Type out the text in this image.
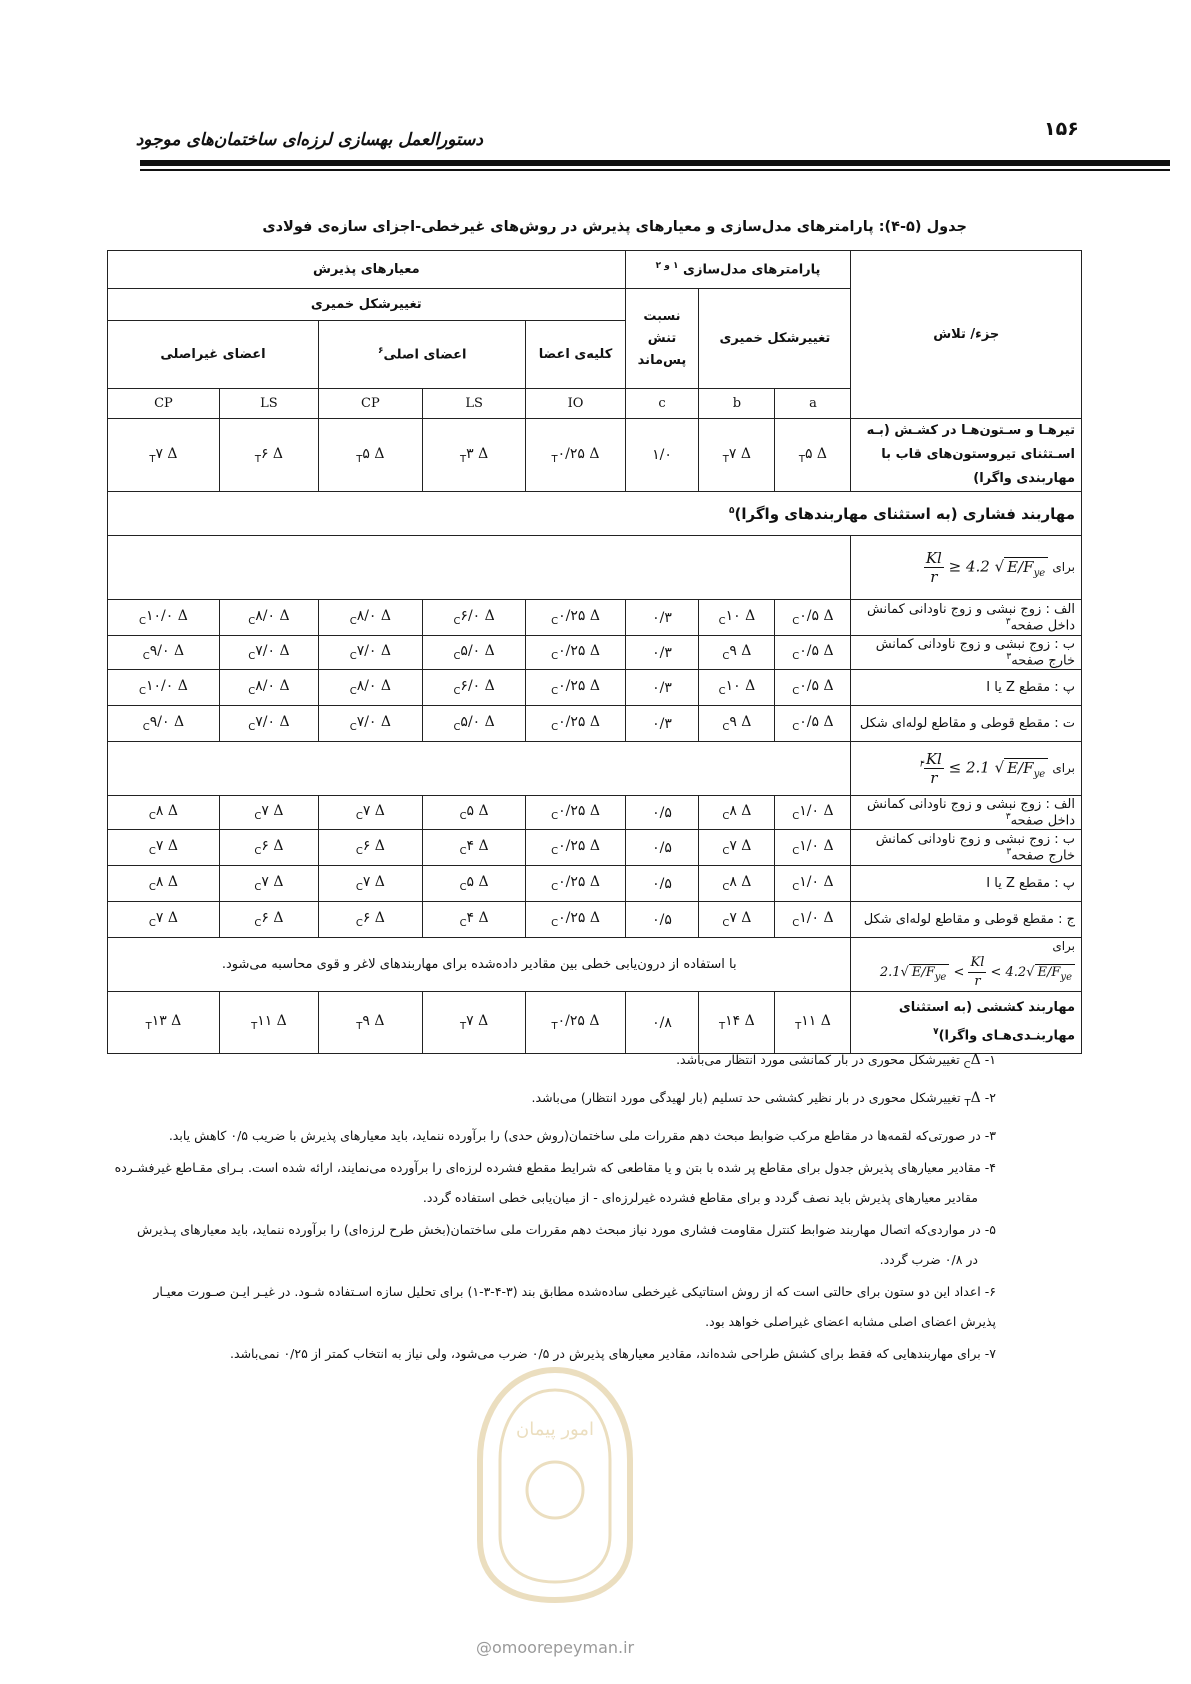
۱۵۶
دستورالعمل بهسازی لرزه‌ای ساختمان‌های موجود
جدول (۵-۴): پارامترهای مدل‌سازی و معیارهای پذیرش در روش‌های غیرخطی-اجزای سازه‌ی فولادی
جزء/ تلاش	پارامترهای مدل‌سازی $^{۱ و ۲}$			معیارهای پذیرش				
	تغییرشکل خمیری		نسبت تنش پس‌ماند	تغییرشکل خمیری				
				کلیه‌ی اعضا	اعضای اصلی$^۶$		اعضای غیراصلی	
	a	b	c	IO	LS	CP	LS	CP
تیرهـا و سـتون‌هـا در کشـش (بـه اسـتثنای تیروستون‌های قاب با مهاربندی واگرا)	۵ $\Delta_T$	۷ $\Delta_T$	۱/۰	۰/۲۵ $\Delta_T$	۳ $\Delta_T$	۵ $\Delta_T$	۶ $\Delta_T$	۷ $\Delta_T$
مهاربند فشاری (به استثنای مهاربندهای واگرا)$^۵$
برای
$\frac{Kl}{r} \ge 4.2$ √ $E/F_{ye}$	
الف : زوج نبشی و زوج ناودانی کمانش داخل صفحه$^۳$	۰/۵ $\Delta_C$	۱۰ $\Delta_C$	۰/۳	۰/۲۵ $\Delta_C$	۶/۰ $\Delta_C$	۸/۰ $\Delta_C$	۸/۰ $\Delta_C$	۱۰/۰ $\Delta_C$
ب : زوج نبشی و زوج ناودانی کمانش خارج صفحه$^۳$	۰/۵ $\Delta_C$	۹ $\Delta_C$	۰/۳	۰/۲۵ $\Delta_C$	۵/۰ $\Delta_C$	۷/۰ $\Delta_C$	۷/۰ $\Delta_C$	۹/۰ $\Delta_C$
پ : مقطع Z یا I	۰/۵ $\Delta_C$	۱۰ $\Delta_C$	۰/۳	۰/۲۵ $\Delta_C$	۶/۰ $\Delta_C$	۸/۰ $\Delta_C$	۸/۰ $\Delta_C$	۱۰/۰ $\Delta_C$
ت : مقطع قوطی و مقاطع لوله‌ای شکل	۰/۵ $\Delta_C$	۹ $\Delta_C$	۰/۳	۰/۲۵ $\Delta_C$	۵/۰ $\Delta_C$	۷/۰ $\Delta_C$	۷/۰ $\Delta_C$	۹/۰ $\Delta_C$
برای $^۴ \frac{Kl}{r} \le 2.1$ √ $E/F_{ye}$	
الف : زوج نبشی و زوج ناودانی کمانش داخل صفحه$^۳$	۱/۰ $\Delta_C$	۸ $\Delta_C$	۰/۵	۰/۲۵ $\Delta_C$	۵ $\Delta_C$	۷ $\Delta_C$	۷ $\Delta_C$	۸ $\Delta_C$
ب : زوج نبشی و زوج ناودانی کمانش خارج صفحه$^۳$	۱/۰ $\Delta_C$	۷ $\Delta_C$	۰/۵	۰/۲۵ $\Delta_C$	۴ $\Delta_C$	۶ $\Delta_C$	۶ $\Delta_C$	۷ $\Delta_C$
پ : مقطع Z یا I	۱/۰ $\Delta_C$	۸ $\Delta_C$	۰/۵	۰/۲۵ $\Delta_C$	۵ $\Delta_C$	۷ $\Delta_C$	۷ $\Delta_C$	۸ $\Delta_C$
ج : مقطع قوطی و مقاطع لوله‌ای شکل	۱/۰ $\Delta_C$	۷ $\Delta_C$	۰/۵	۰/۲۵ $\Delta_C$	۴ $\Delta_C$	۶ $\Delta_C$	۶ $\Delta_C$	۷ $\Delta_C$
برای 2.1√ $E/F_{ye} < \frac{Kl}{r} < 4.2√$ $E/F_{ye}$	با استفاده از درون‌یابی خطی بین مقادیر داده‌شده برای مهاربندهای لاغر و قوی محاسبه می‌شود.							
مهاربند کششی (به استثنای مهاربنـدی‌هـای واگرا)$^۷$	۱۱ $\Delta_T$	۱۴ $\Delta_T$	۰/۸	۰/۲۵ $\Delta_T$	۷ $\Delta_T$	۹ $\Delta_T$	۱۱ $\Delta_T$	۱۳ $\Delta_T$
۱- $\Delta_C$ تغییرشکل محوری در بار کمانشی مورد انتظار می‌باشد.
۲- $\Delta_T$ تغییرشکل محوری در بار نظیر کششی حد تسلیم (بار لهیدگی مورد انتظار) می‌باشد.
۳- در صورتی‌که لقمه‌ها در مقاطع مرکب ضوابط مبحث دهم مقررات ملی ساختمان(روش حدی) را برآورده ننماید، باید معیارهای پذیرش با ضریب ۰/۵ کاهش یابد.
۴- مقادیر معیارهای پذیرش جدول برای مقاطع پر شده با بتن و یا مقاطعی که شرایط مقطع فشرده لرزه‌ای را برآورده می‌نمایند، ارائه شده است. بـرای مقـاطع غیرفشـرده
مقادیر معیارهای پذیرش باید نصف گردد و برای مقاطع فشرده غیرلرزه‌ای - از میان‌یابی خطی استفاده گردد.
۵- در مواردی‌که اتصال مهاربند ضوابط کنترل مقاومت فشاری مورد نیاز مبحث دهم مقررات ملی ساختمان(بخش طرح لرزه‌ای) را برآورده ننماید، باید معیارهای پـذیرش
در ۰/۸ ضرب گردد.
۶- اعداد این دو ستون برای حالتی است که از روش استاتیکی غیرخطی ساده‌شده مطابق بند (۳-۴-۳-۱) برای تحلیل سازه اسـتفاده شـود. در غیـر ایـن صـورت معیـار
پذیرش اعضای اصلی مشابه اعضای غیراصلی خواهد بود.
۷- برای مهاربندهایی که فقط برای کشش طراحی شده‌اند، مقادیر معیارهای پذیرش در ۰/۵ ضرب می‌شود، ولی نیاز به انتخاب کمتر از ۰/۲۵ نمی‌باشد.
امور پیمان
@omoorepeyman.ir
